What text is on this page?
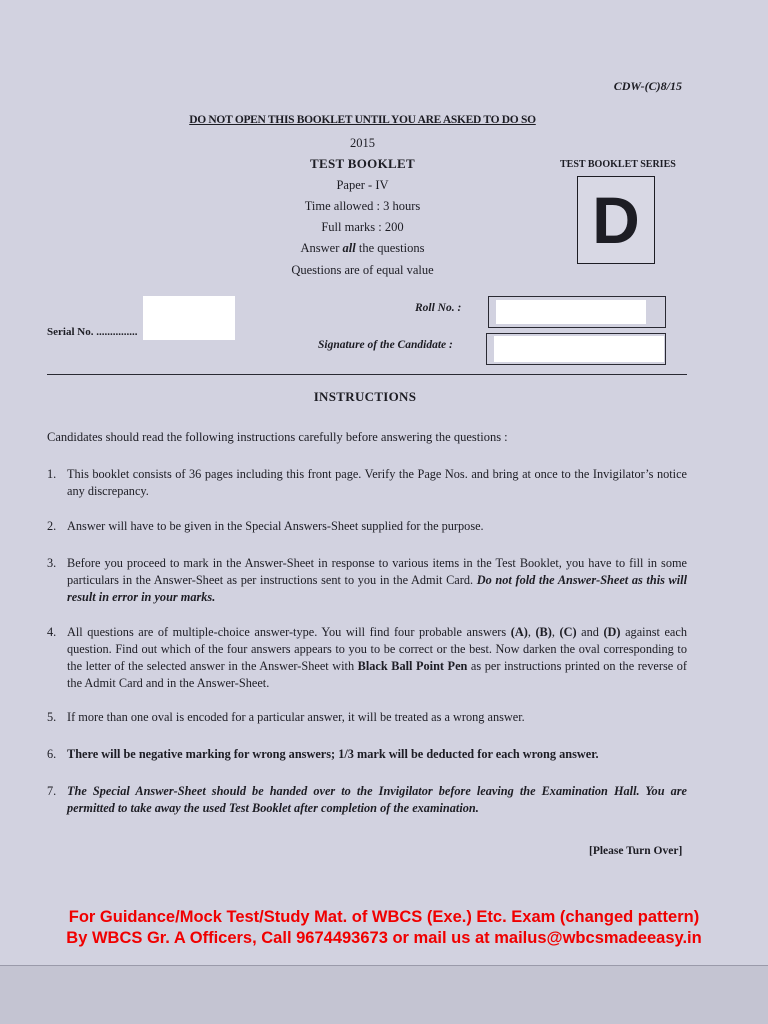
CDW-(C)8/15
DO NOT OPEN THIS BOOKLET UNTIL YOU ARE ASKED TO DO SO
2015
TEST BOOKLET
Paper - IV
Time allowed : 3 hours
Full marks : 200
Answer all the questions
Questions are of equal value
TEST BOOKLET SERIES
D
Serial No. ...............
Roll No. :
Signature of the Candidate :
INSTRUCTIONS
Candidates should read the following instructions carefully before answering the questions :
1. This booklet consists of 36 pages including this front page. Verify the Page Nos. and bring at once to the Invigilator’s notice any discrepancy.
2. Answer will have to be given in the Special Answers-Sheet supplied for the purpose.
3. Before you proceed to mark in the Answer-Sheet in response to various items in the Test Booklet, you have to fill in some particulars in the Answer-Sheet as per instructions sent to you in the Admit Card. Do not fold the Answer-Sheet as this will result in error in your marks.
4. All questions are of multiple-choice answer-type. You will find four probable answers (A), (B), (C) and (D) against each question. Find out which of the four answers appears to you to be correct or the best. Now darken the oval corresponding to the letter of the selected answer in the Answer-Sheet with Black Ball Point Pen as per instructions printed on the reverse of the Admit Card and in the Answer-Sheet.
5. If more than one oval is encoded for a particular answer, it will be treated as a wrong answer.
6. There will be negative marking for wrong answers; 1/3 mark will be deducted for each wrong answer.
7. The Special Answer-Sheet should be handed over to the Invigilator before leaving the Examination Hall. You are permitted to take away the used Test Booklet after completion of the examination.
[Please Turn Over]
For Guidance/Mock Test/Study Mat. of WBCS (Exe.) Etc. Exam (changed pattern)
By WBCS Gr. A Officers, Call 9674493673 or mail us at mailus@wbcsmadeeasy.in
